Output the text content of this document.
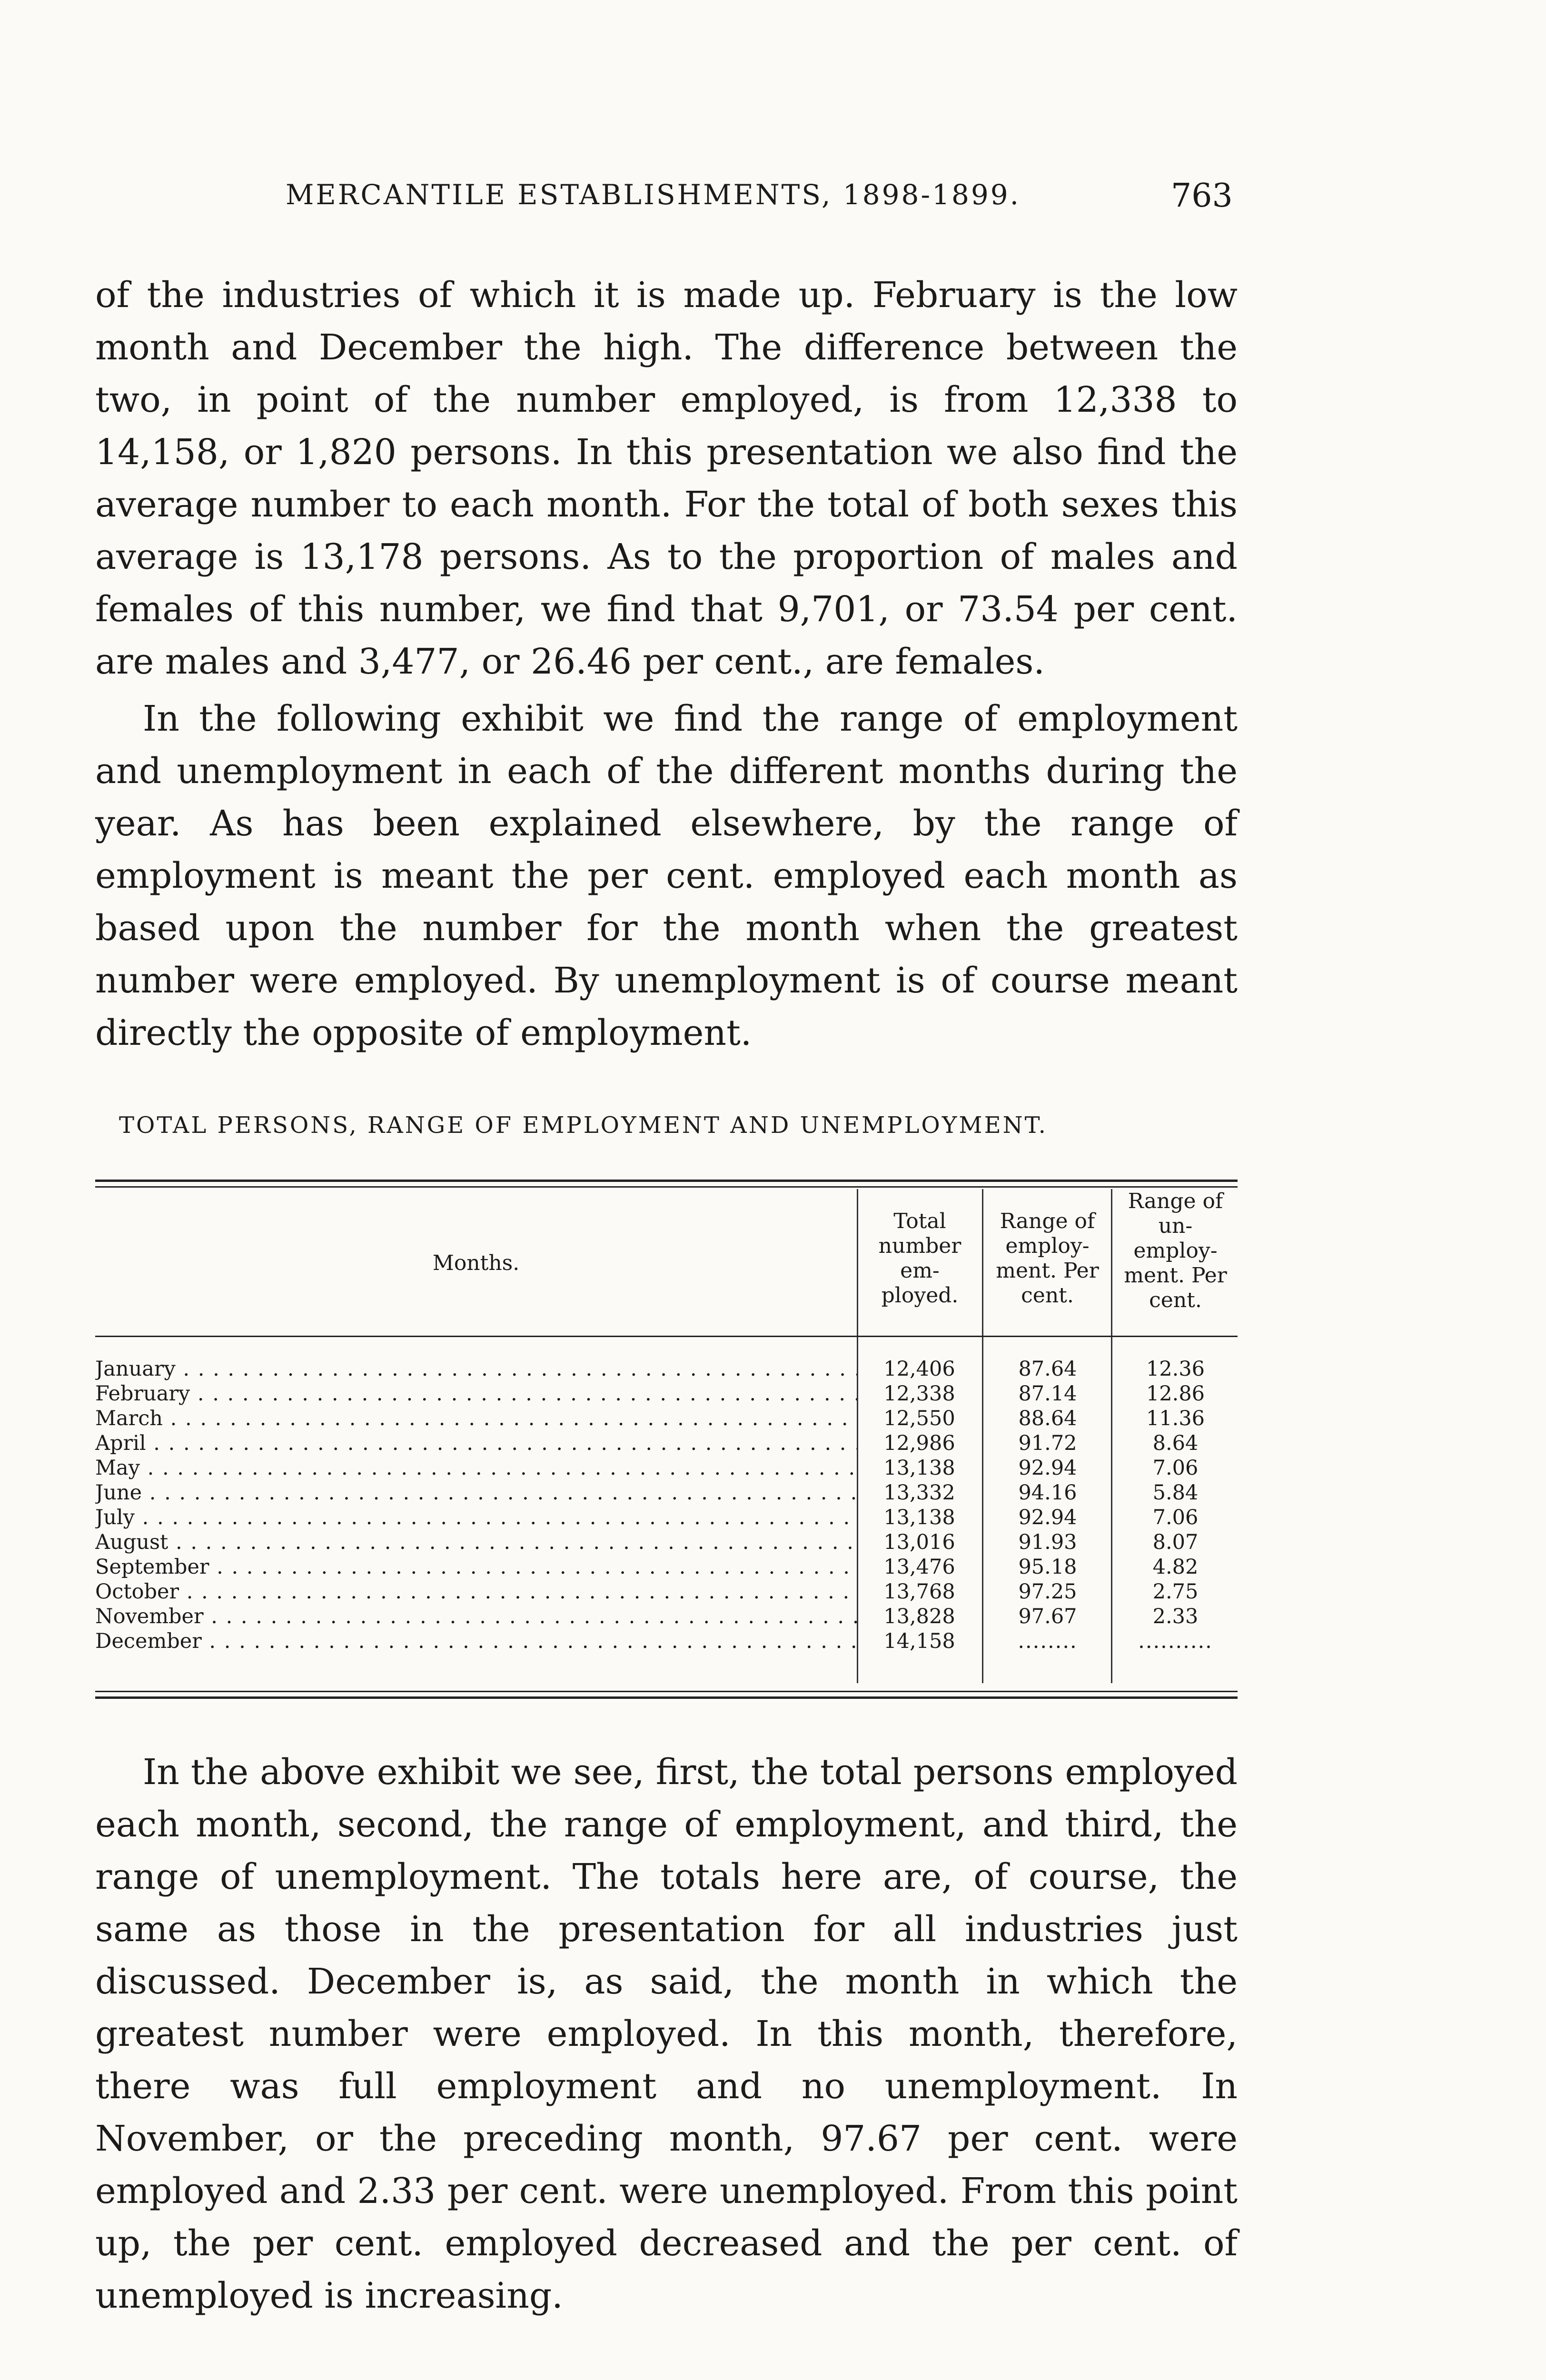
MERCANTILE ESTABLISHMENTS, 1898-1899.	763

of the industries of which it is made up. February is the low month and December the high. The difference between the two, in point of the number employed, is from 12,338 to 14,158, or 1,820 persons. In this presentation we also find the average number to each month. For the total of both sexes this average is 13,178 persons. As to the proportion of males and females of this number, we find that 9,701, or 73.54 per cent. are males and 3,477, or 26.46 per cent., are females.

In the following exhibit we find the range of employment and unemployment in each of the different months during the year. As has been explained elsewhere, by the range of employment is meant the per cent. employed each month as based upon the number for the month when the greatest number were employed. By unemployment is of course meant directly the opposite of employment.

TOTAL PERSONS, RANGE OF EMPLOYMENT AND UNEMPLOYMENT.
Months.
Total number em- ployed.
Range of employ- ment. Per cent.
Range of un- employ- ment. Per cent.
January . . .	12,406	87.64	12.36
February . . .	12,338	87.14	12.86
March . . .	12,550	88.64	11.36
April . . .	12,986	91.72	8.64
May . . .	13,138	92.94	7.06
June . . .	13,332	94.16	5.84
July . . .	13,138	92.94	7.06
August . . .	13,016	91.93	8.07
September . . .	13,476	95.18	4.82
October . . .	13,768	97.25	2.75
November . . .	13,828	97.67	2.33
December . . .	14,158	........	..........

In the above exhibit we see, first, the total persons employed each month, second, the range of employment, and third, the range of unemployment. The totals here are, of course, the same as those in the presentation for all industries just discussed. December is, as said, the month in which the greatest number were employed. In this month, therefore, there was full employment and no unemployment. In November, or the preceding month, 97.67 per cent. were employed and 2.33 per cent. were unemployed. From this point up, the per cent. employed decreased and the per cent. of unemployed is increasing.
